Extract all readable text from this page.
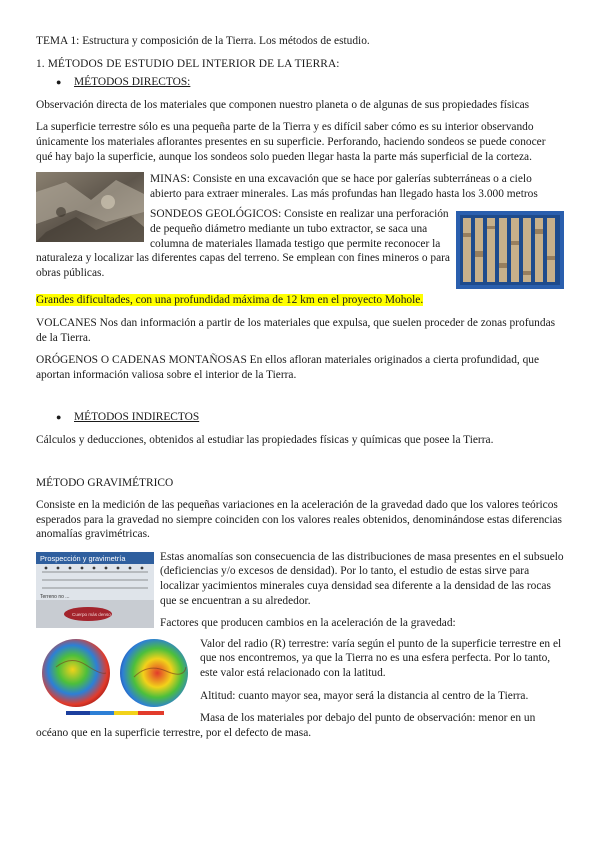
TEMA 1: Estructura y composición de la Tierra. Los métodos de estudio.

1. MÉTODOS DE ESTUDIO DEL INTERIOR DE LA TIERRA:

●	MÉTODOS DIRECTOS:

Observación directa de los materiales que componen nuestro planeta o de algunas de sus propiedades físicas

La superficie terrestre sólo es una pequeña parte de la Tierra y es difícil saber cómo es su interior observando únicamente los materiales aflorantes presentes en su superficie. Perforando, haciendo sondeos se puede conocer qué hay bajo la superficie, aunque los sondeos solo pueden llegar hasta la parte más superficial de la corteza.

MINAS: Consiste en una excavación que se hace por galerías subterráneas o a cielo abierto para extraer minerales. Las más profundas han llegado hasta los 3.000 metros

SONDEOS GEOLÓGICOS: Consiste en realizar una perforación de pequeño diámetro mediante un tubo extractor, se saca una columna de materiales llamada testigo que permite reconocer la naturaleza y localizar las diferentes capas del terreno. Se emplean con fines mineros o para obras públicas.

Grandes dificultades, con una profundidad máxima de 12 km en el proyecto Mohole.

VOLCANES Nos dan información a partir de los materiales que expulsa, que suelen proceder de zonas profundas de la Tierra.

ORÓGENOS O CADENAS MONTAÑOSAS En ellos afloran materiales originados a cierta profundidad, que aportan información valiosa sobre el interior de la Tierra.

●	MÉTODOS INDIRECTOS

Cálculos y deducciones, obtenidos al estudiar las propiedades físicas y químicas que posee la Tierra.

MÉTODO GRAVIMÉTRICO

Consiste en la medición de las pequeñas variaciones en la aceleración de la gravedad dado que los valores teóricos esperados para la gravedad no siempre coinciden con los valores reales obtenidos, denominándose estas diferencias anomalías gravimétricas.

Prospección y gravimetría
Terreno no ...
Cuerpo más denso

Estas anomalías son consecuencia de las distribuciones de masa presentes en el subsuelo (deficiencias y/o excesos de densidad). Por lo tanto, el estudio de estas sirve para localizar yacimientos minerales cuya densidad sea diferente a la densidad de las rocas que se encuentran a su alrededor.

Factores que producen cambios en la aceleración de la gravedad:

Valor del radio (R) terrestre: varía según el punto de la superficie terrestre en el que nos encontremos, ya que la Tierra no es una esfera perfecta. Por lo tanto, este valor está relacionado con la latitud.

Altitud: cuanto mayor sea, mayor será la distancia al centro de la Tierra.

Masa de los materiales por debajo del punto de observación: menor en un océano que en la superficie terrestre, por el defecto de masa.
